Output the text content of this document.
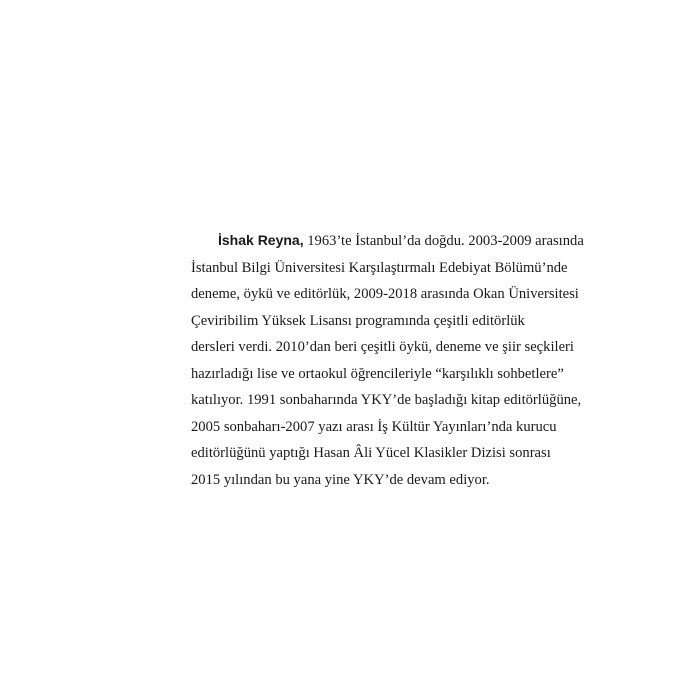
İshak Reyna, 1963’te İstanbul’da doğdu. 2003-2009 arasında
İstanbul Bilgi Üniversitesi Karşılaştırmalı Edebiyat Bölümü’nde
deneme, öykü ve editörlük, 2009-2018 arasında Okan Üniversitesi
Çeviribilim Yüksek Lisansı programında çeşitli editörlük
dersleri verdi. 2010’dan beri çeşitli öykü, deneme ve şiir seçkileri
hazırladığı lise ve ortaokul öğrencileriyle “karşılıklı sohbetlere”
katılıyor. 1991 sonbaharında YKY’de başladığı kitap editörlüğüne,
2005 sonbaharı-2007 yazı arası İş Kültür Yayınları’nda kurucu
editörlüğünü yaptığı Hasan Âli Yücel Klasikler Dizisi sonrası
2015 yılından bu yana yine YKY’de devam ediyor.
